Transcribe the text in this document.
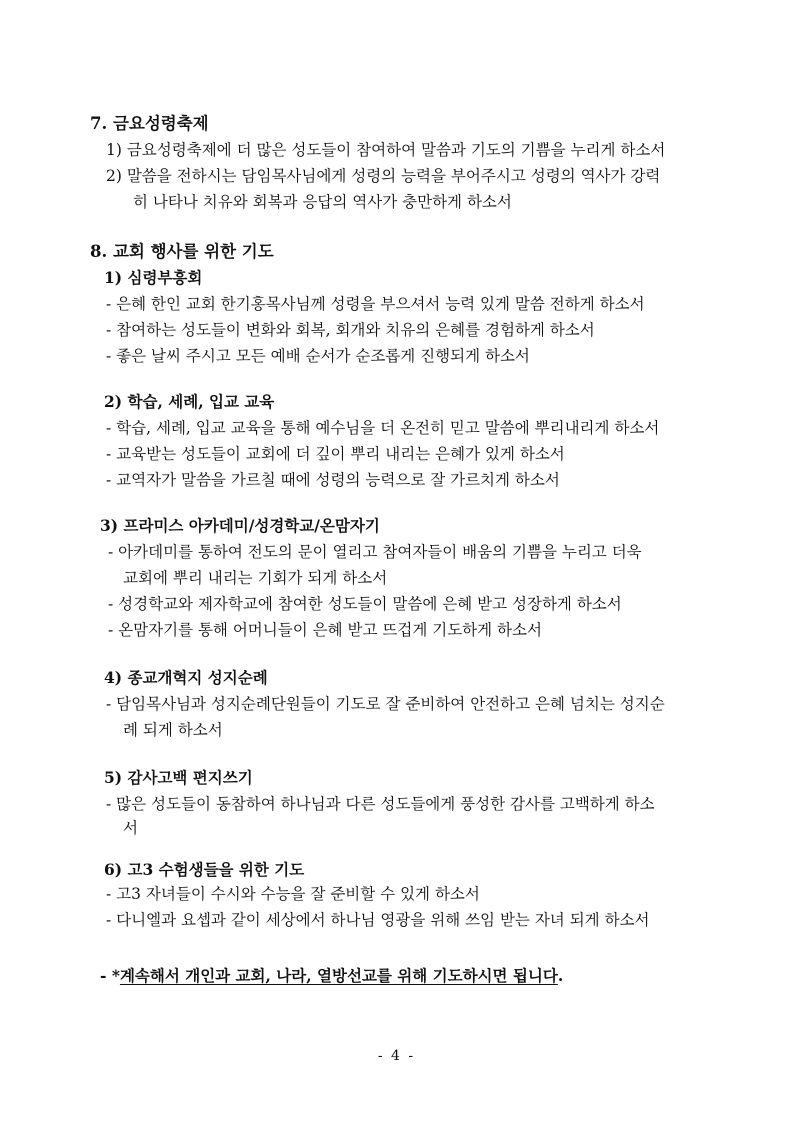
7. 금요성령축제
1) 금요성령축제에 더 많은 성도들이 참여하여 말씀과 기도의 기쁨을 누리게 하소서
2) 말씀을 전하시는 담임목사님에게 성령의 능력을 부어주시고 성령의 역사가 강력
히 나타나 치유와 회복과 응답의 역사가 충만하게 하소서
8. 교회 행사를 위한 기도
1) 심령부흥회
- 은혜 한인 교회 한기홍목사님께 성령을 부으셔서 능력 있게 말씀 전하게 하소서
- 참여하는 성도들이 변화와 회복, 회개와 치유의 은혜를 경험하게 하소서
- 좋은 날씨 주시고 모든 예배 순서가 순조롭게 진행되게 하소서
2) 학습, 세례, 입교 교육
- 학습, 세례, 입교 교육을 통해 예수님을 더 온전히 믿고 말씀에 뿌리내리게 하소서
- 교육받는 성도들이 교회에 더 깊이 뿌리 내리는 은혜가 있게 하소서
- 교역자가 말씀을 가르칠 때에 성령의 능력으로 잘 가르치게 하소서
3) 프라미스 아카데미/성경학교/온맘자기
- 아카데미를 통하여 전도의 문이 열리고 참여자들이 배움의 기쁨을 누리고 더욱
교회에 뿌리 내리는 기회가 되게 하소서
- 성경학교와 제자학교에 참여한 성도들이 말씀에 은혜 받고 성장하게 하소서
- 온맘자기를 통해 어머니들이 은혜 받고 뜨겁게 기도하게 하소서
4) 종교개혁지 성지순례
- 담임목사님과 성지순례단원들이 기도로 잘 준비하여 안전하고 은혜 넘치는 성지순
례 되게 하소서
5) 감사고백 편지쓰기
- 많은 성도들이 동참하여 하나님과 다른 성도들에게 풍성한 감사를 고백하게 하소
서
6) 고3 수험생들을 위한 기도
- 고3 자녀들이 수시와 수능을 잘 준비할 수 있게 하소서
- 다니엘과 요셉과 같이 세상에서 하나님 영광을 위해 쓰임 받는 자녀 되게 하소서
- *계속해서 개인과 교회, 나라, 열방선교를 위해 기도하시면 됩니다.
- 4 -
